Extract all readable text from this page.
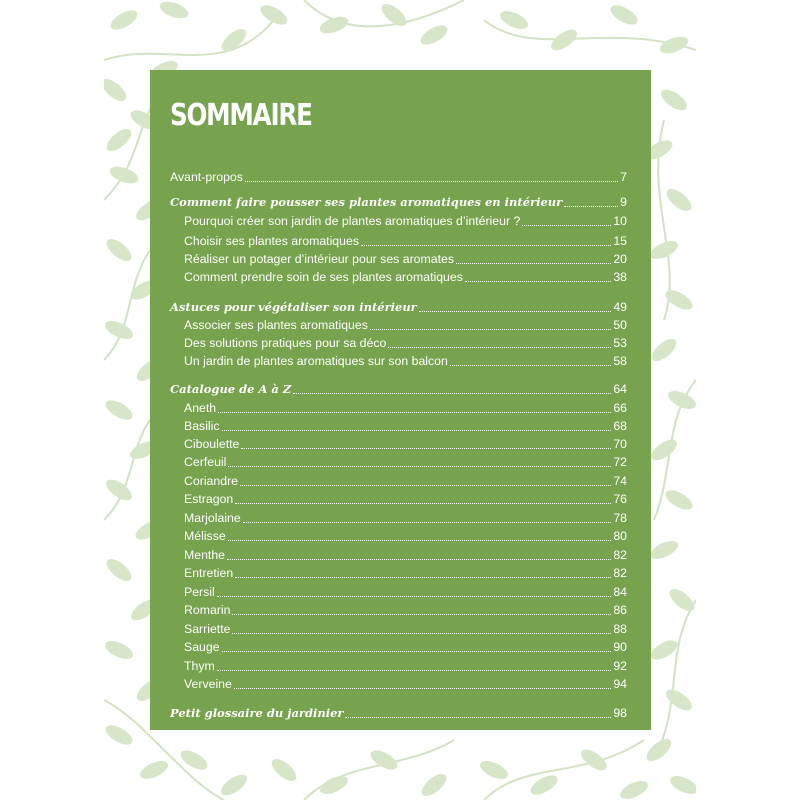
SOMMAIRE
Avant-propos	7
Comment faire pousser ses plantes aromatiques en intérieur	9
Pourquoi créer son jardin de plantes aromatiques d’intérieur ?	10
Choisir ses plantes aromatiques	15
Réaliser un potager d’intérieur pour ses aromates	20
Comment prendre soin de ses plantes aromatiques	38
Astuces pour végétaliser son intérieur	49
Associer ses plantes aromatiques	50
Des solutions pratiques pour sa déco	53
Un jardin de plantes aromatiques sur son balcon	58
Catalogue de A à Z	64
Aneth	66
Basilic	68
Ciboulette	70
Cerfeuil	72
Coriandre	74
Estragon	76
Marjolaine	78
Mélisse	80
Menthe	82
Entretien	82
Persil	84
Romarin	86
Sarriette	88
Sauge	90
Thym	92
Verveine	94
Petit glossaire du jardinier	98
